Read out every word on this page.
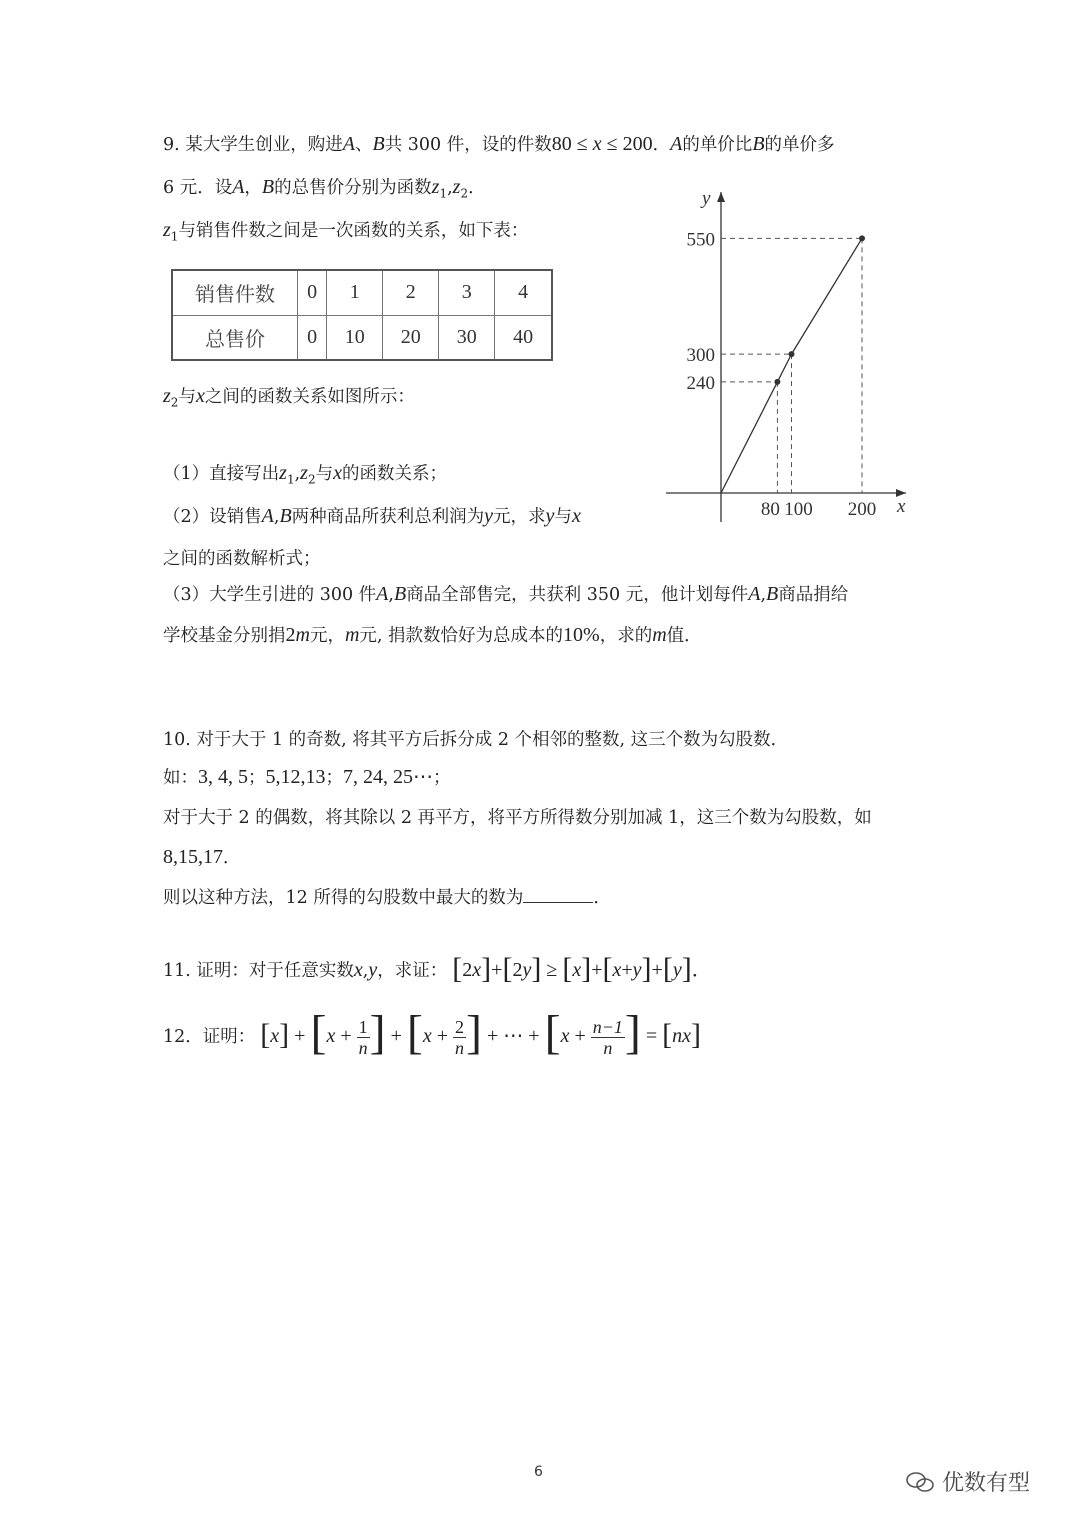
9. 某大学生创业，购进A、B共 300 件，设的件数80 ≤ x ≤ 200．A的单价比B的单价多
6 元．设A，B的总售价分别为函数$z_1,z_2$．
$z_1$与销售件数之间是一次函数的关系，如下表：
销售件数	0	1	2	3	4
总售价	0	10	20	30	40
$z_2$与x之间的函数关系如图所示：
（1）直接写出$z_1,z_2$与x的函数关系；
（2）设销售A,B两种商品所获利总利润为y元，求y与x
之间的函数解析式；
（3）大学生引进的 300 件A,B商品全部售完，共获利 350 元，他计划每件A,B商品捐给
学校基金分别捐2m元，m元, 捐款数恰好为总成本的10%，求的m值．
x
y
550
300
240
80 100 200
10. 对于大于 1 的奇数, 将其平方后拆分成 2 个相邻的整数, 这三个数为勾股数．
如：3, 4, 5；5,12,13；7, 24, 25⋯；
对于大于 2 的偶数，将其除以 2 再平方，将平方所得数分别加减 1，这三个数为勾股数，如
8,15,17．
则以这种方法，12 所得的勾股数中最大的数为	．
11. 证明：对于任意实数x,y，求证： [2x]+[2y] ≥ [x]+[x+y]+[y]．
12．证明： $[x] + [x + \frac{1}{n}$ ] + [$x + \frac{2}{n}$ ] + ⋯ + [$x + \frac{n-1}{n}$ ] = [nx]
6	优数有型
